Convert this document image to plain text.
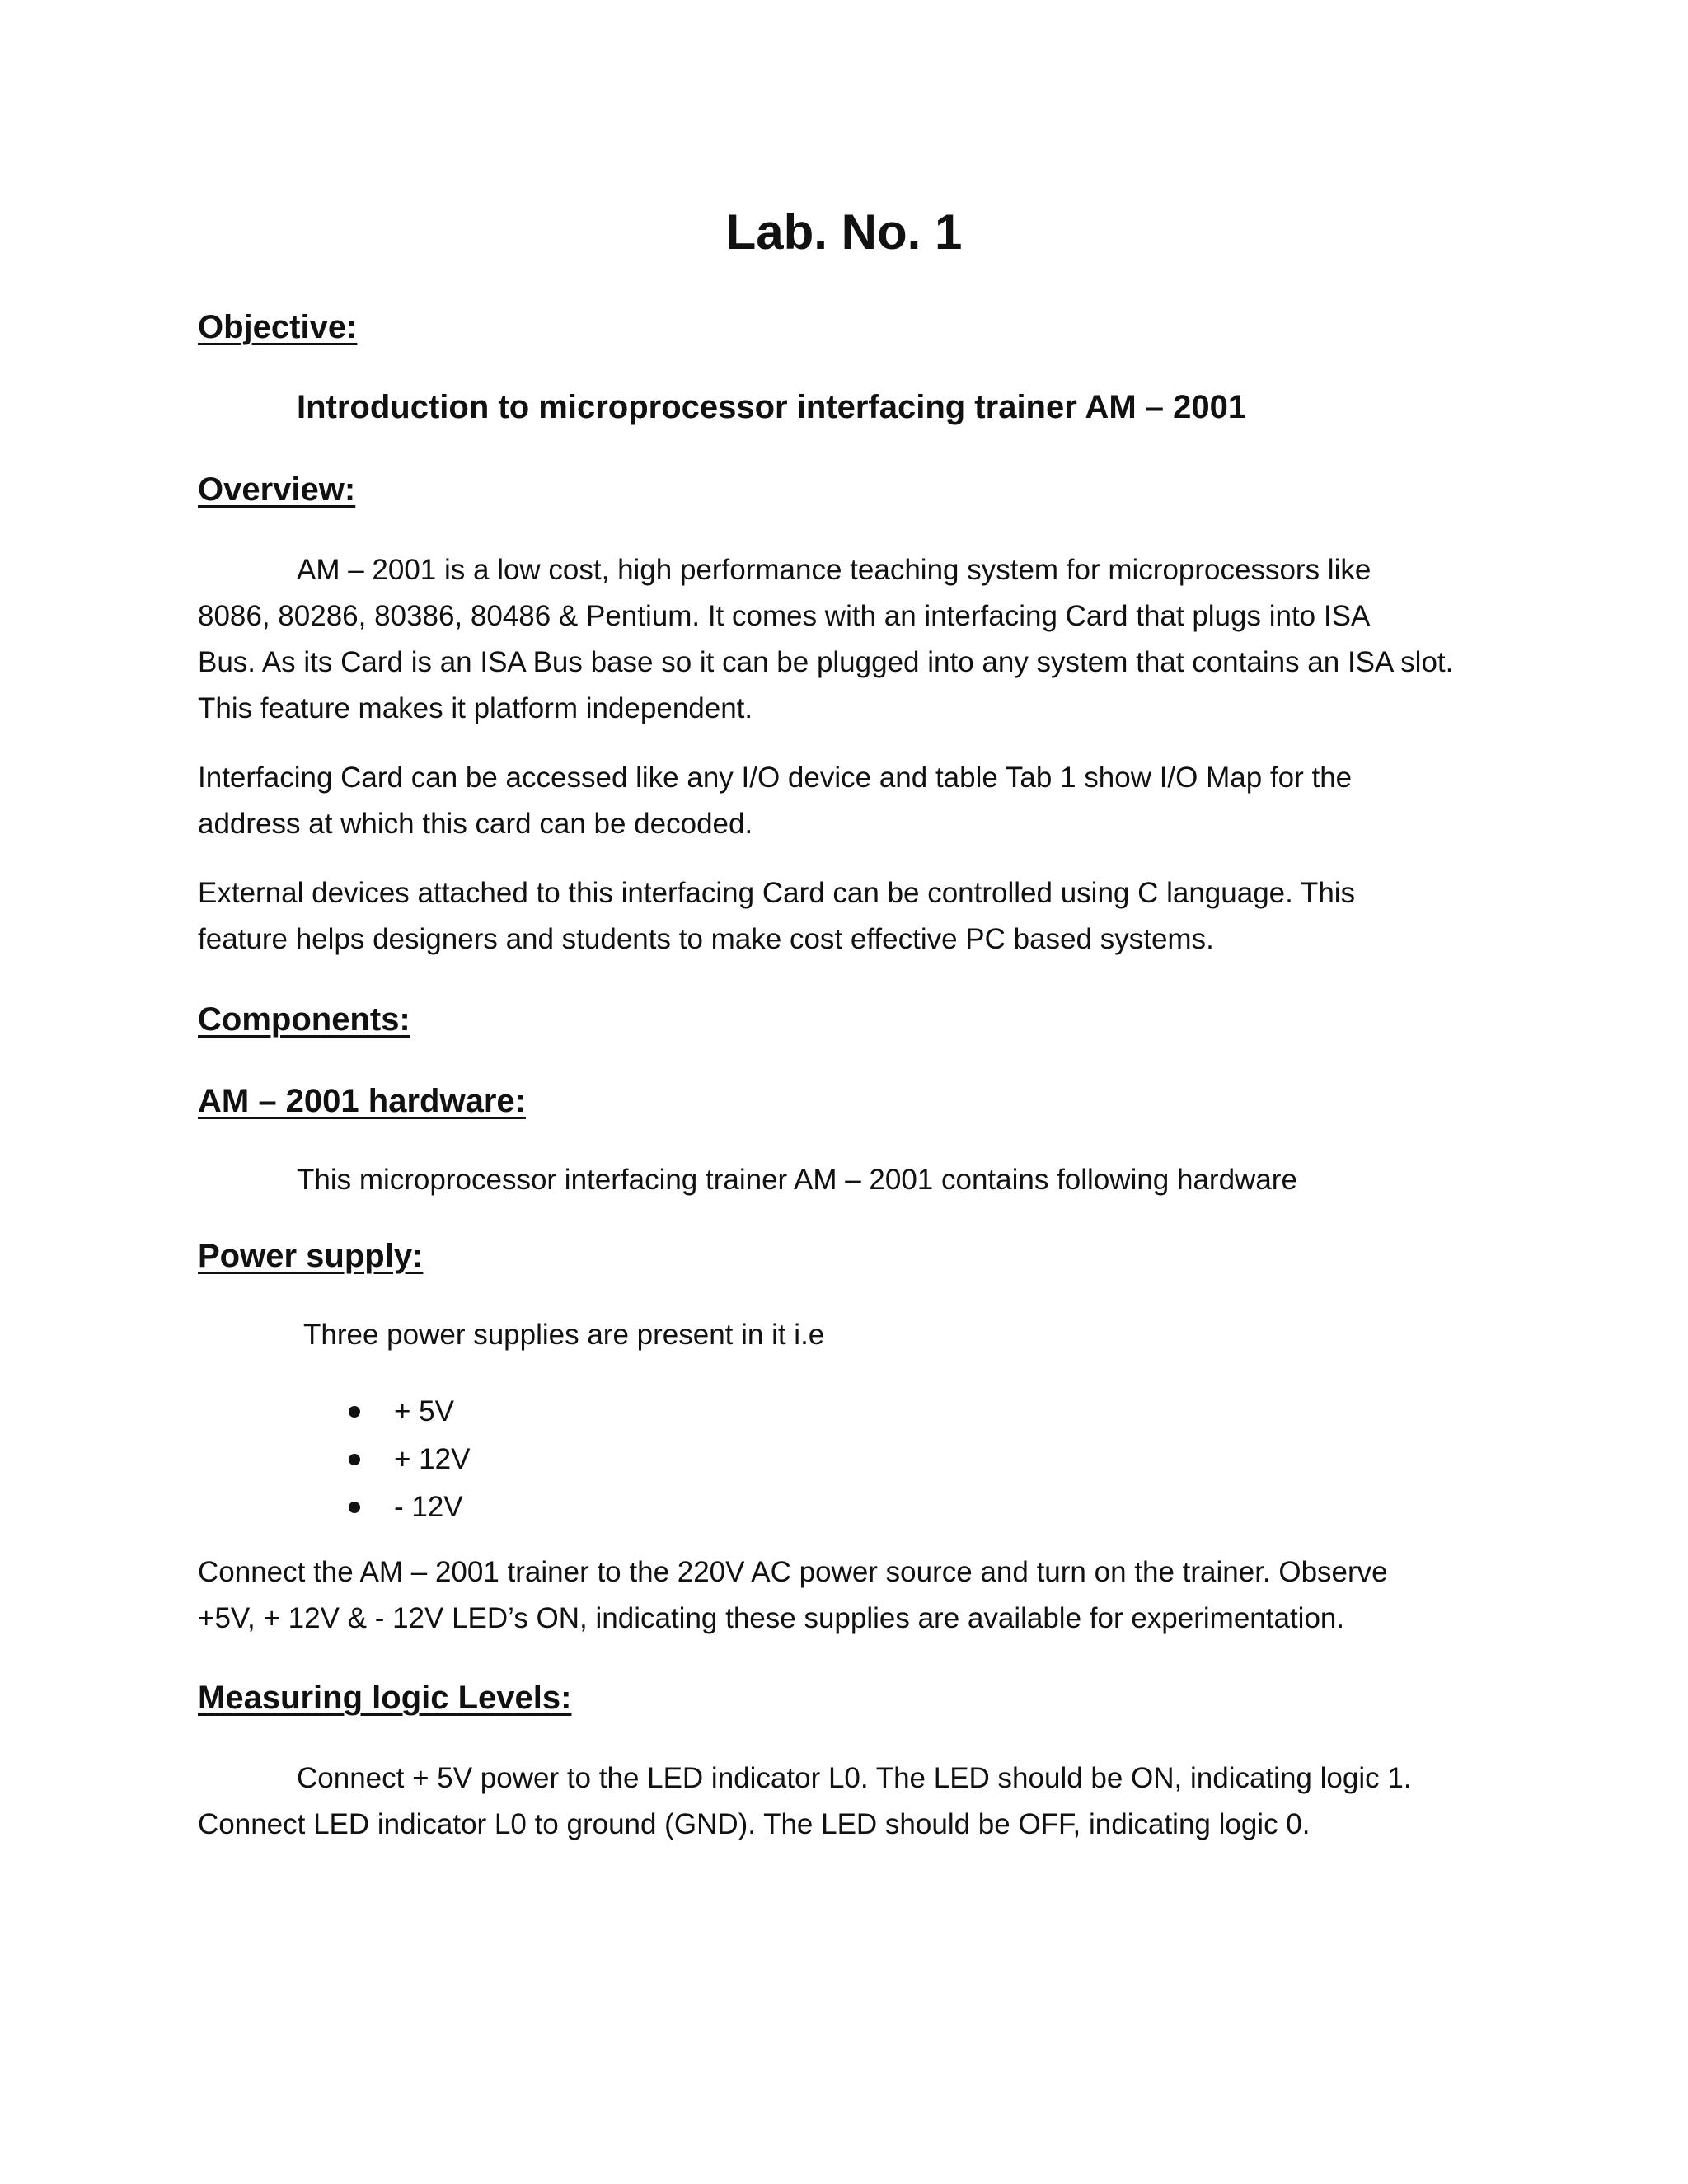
Lab. No. 1
Objective:

Introduction to microprocessor interfacing trainer AM – 2001

Overview:
AM – 2001 is a low cost, high performance teaching system for microprocessors like
8086, 80286, 80386, 80486 & Pentium. It comes with an interfacing Card that plugs into ISA
Bus. As its Card is an ISA Bus base so it can be plugged into any system that contains an ISA slot.
This feature makes it platform independent.
Interfacing Card can be accessed like any I/O device and table Tab 1 show I/O Map for the
address at which this card can be decoded.
External devices attached to this interfacing Card can be controlled using C language. This
feature helps designers and students to make cost effective PC based systems.
Components:
AM – 2001 hardware:
This microprocessor interfacing trainer AM – 2001 contains following hardware
Power supply:
Three power supplies are present in it i.e
+ 5V
+ 12V
- 12V
Connect the AM – 2001 trainer to the 220V AC power source and turn on the trainer. Observe
+5V, + 12V & - 12V LED’s ON, indicating these supplies are available for experimentation.
Measuring logic Levels:
Connect + 5V power to the LED indicator L0. The LED should be ON, indicating logic 1.
Connect LED indicator L0 to ground (GND). The LED should be OFF, indicating logic 0.
